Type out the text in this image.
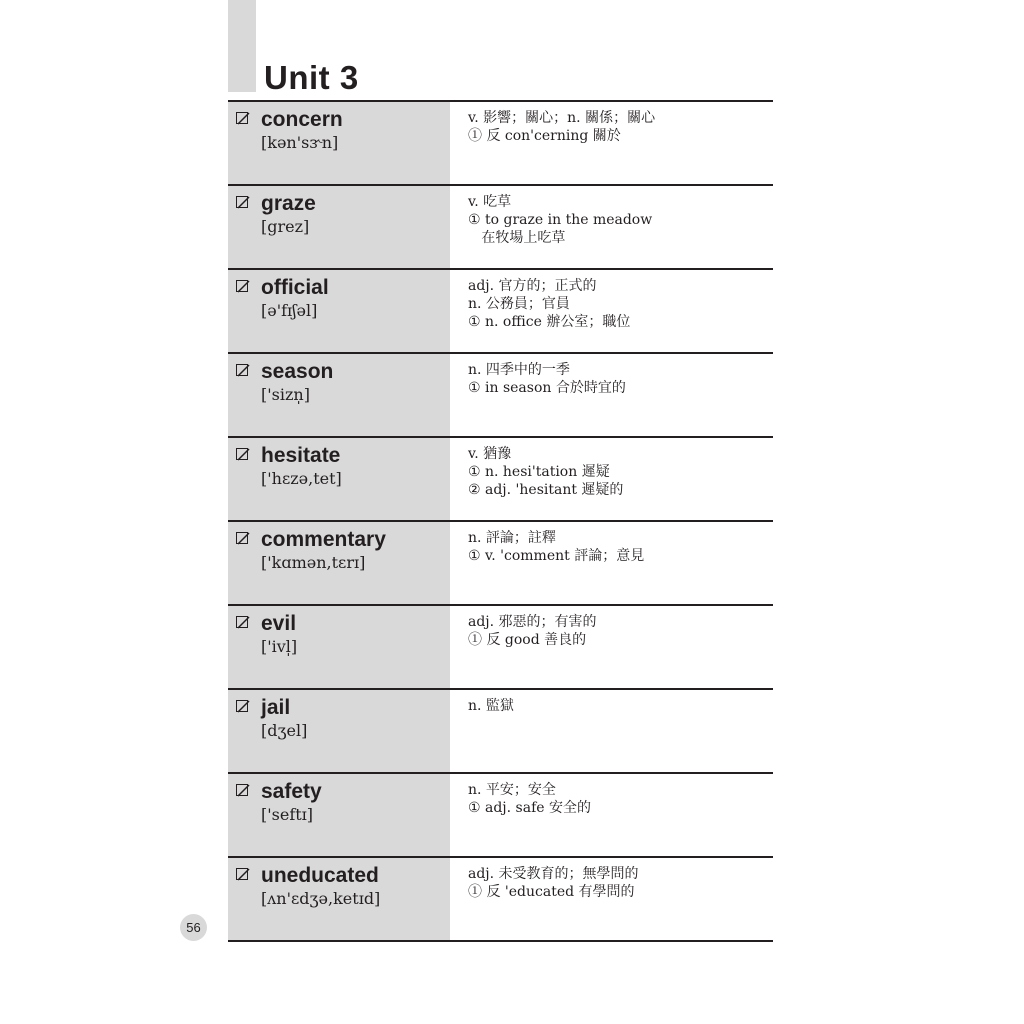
Unit 3
concern
[kən'sɝn]
v. 影響；關心；n. 關係；關心
① 反 con'cerning 關於
graze
[grez]
v. 吃草
① to graze in the meadow
在牧場上吃草
official
[ə'fɪʃəl]
adj. 官方的；正式的
n. 公務員；官員
① n. office 辦公室；職位
season
['sizn̩]
n. 四季中的一季
① in season 合於時宜的
hesitate
['hɛzə,tet]
v. 猶豫
① n. hesi'tation 遲疑
② adj. 'hesitant 遲疑的
commentary
['kɑmən,tɛrɪ]
n. 評論；註釋
① v. 'comment 評論；意見
evil
['ivl̩]
adj. 邪惡的；有害的
① 反 good 善良的
jail
[dʒel]
n. 監獄
safety
['seftɪ]
n. 平安；安全
① adj. safe 安全的
uneducated
[ʌn'ɛdʒə,ketɪd]
adj. 未受教育的；無學問的
① 反 'educated 有學問的
56
